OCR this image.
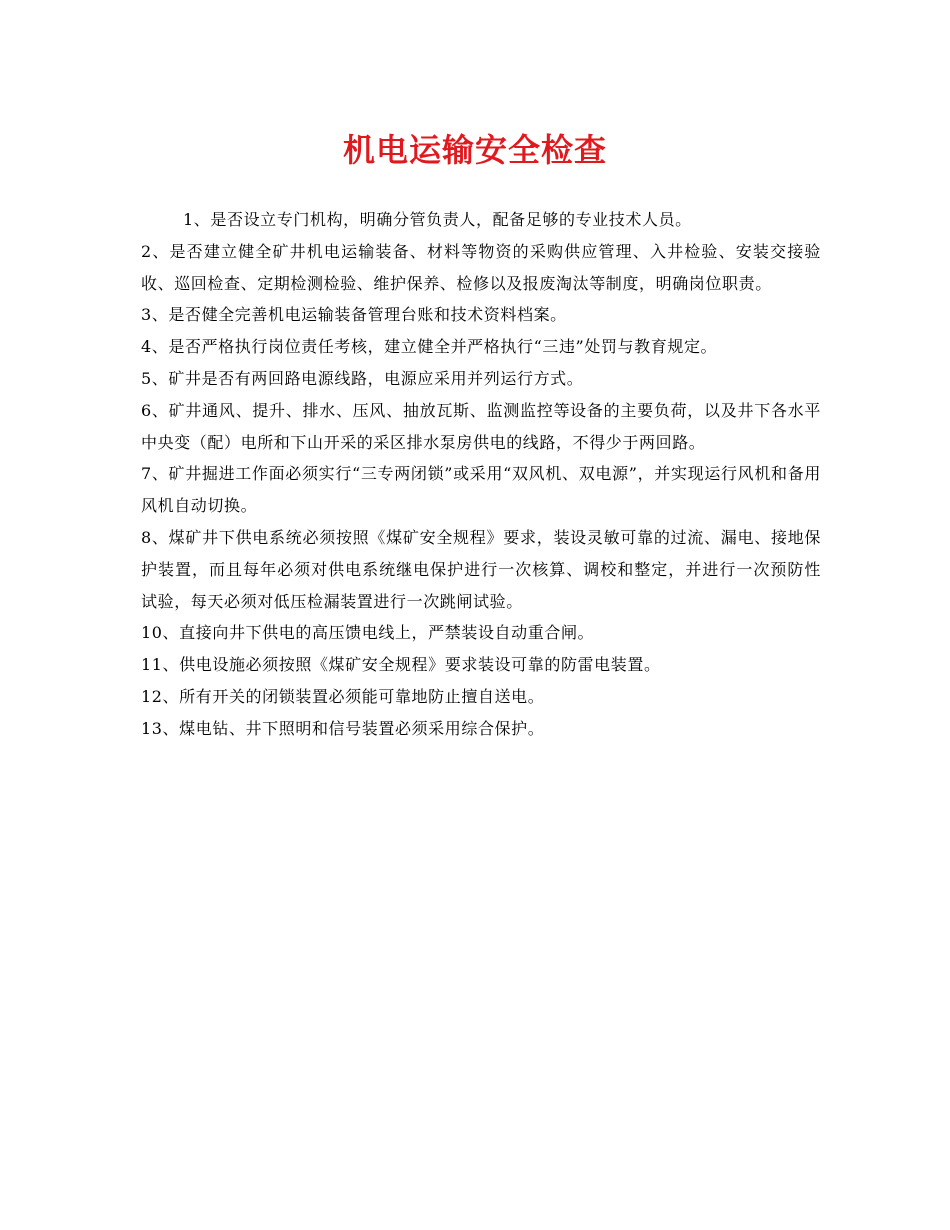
机电运输安全检查

1、是否设立专门机构，明确分管负责人，配备足够的专业技术人员。

2、是否建立健全矿井机电运输装备、材料等物资的采购供应管理、入井检验、安装交接验收、巡回检查、定期检测检验、维护保养、检修以及报废淘汰等制度，明确岗位职责。

3、是否健全完善机电运输装备管理台账和技术资料档案。

4、是否严格执行岗位责任考核，建立健全并严格执行“三违”处罚与教育规定。

5、矿井是否有两回路电源线路，电源应采用并列运行方式。

6、矿井通风、提升、排水、压风、抽放瓦斯、监测监控等设备的主要负荷，以及井下各水平中央变（配）电所和下山开采的采区排水泵房供电的线路，不得少于两回路。

7、矿井掘进工作面必须实行“三专两闭锁”或采用“双风机、双电源”，并实现运行风机和备用风机自动切换。

8、煤矿井下供电系统必须按照《煤矿安全规程》要求，装设灵敏可靠的过流、漏电、接地保护装置，而且每年必须对供电系统继电保护进行一次核算、调校和整定，并进行一次预防性试验，每天必须对低压检漏装置进行一次跳闸试验。

10、直接向井下供电的高压馈电线上，严禁装设自动重合闸。

11、供电设施必须按照《煤矿安全规程》要求装设可靠的防雷电装置。

12、所有开关的闭锁装置必须能可靠地防止擅自送电。

13、煤电钻、井下照明和信号装置必须采用综合保护。
